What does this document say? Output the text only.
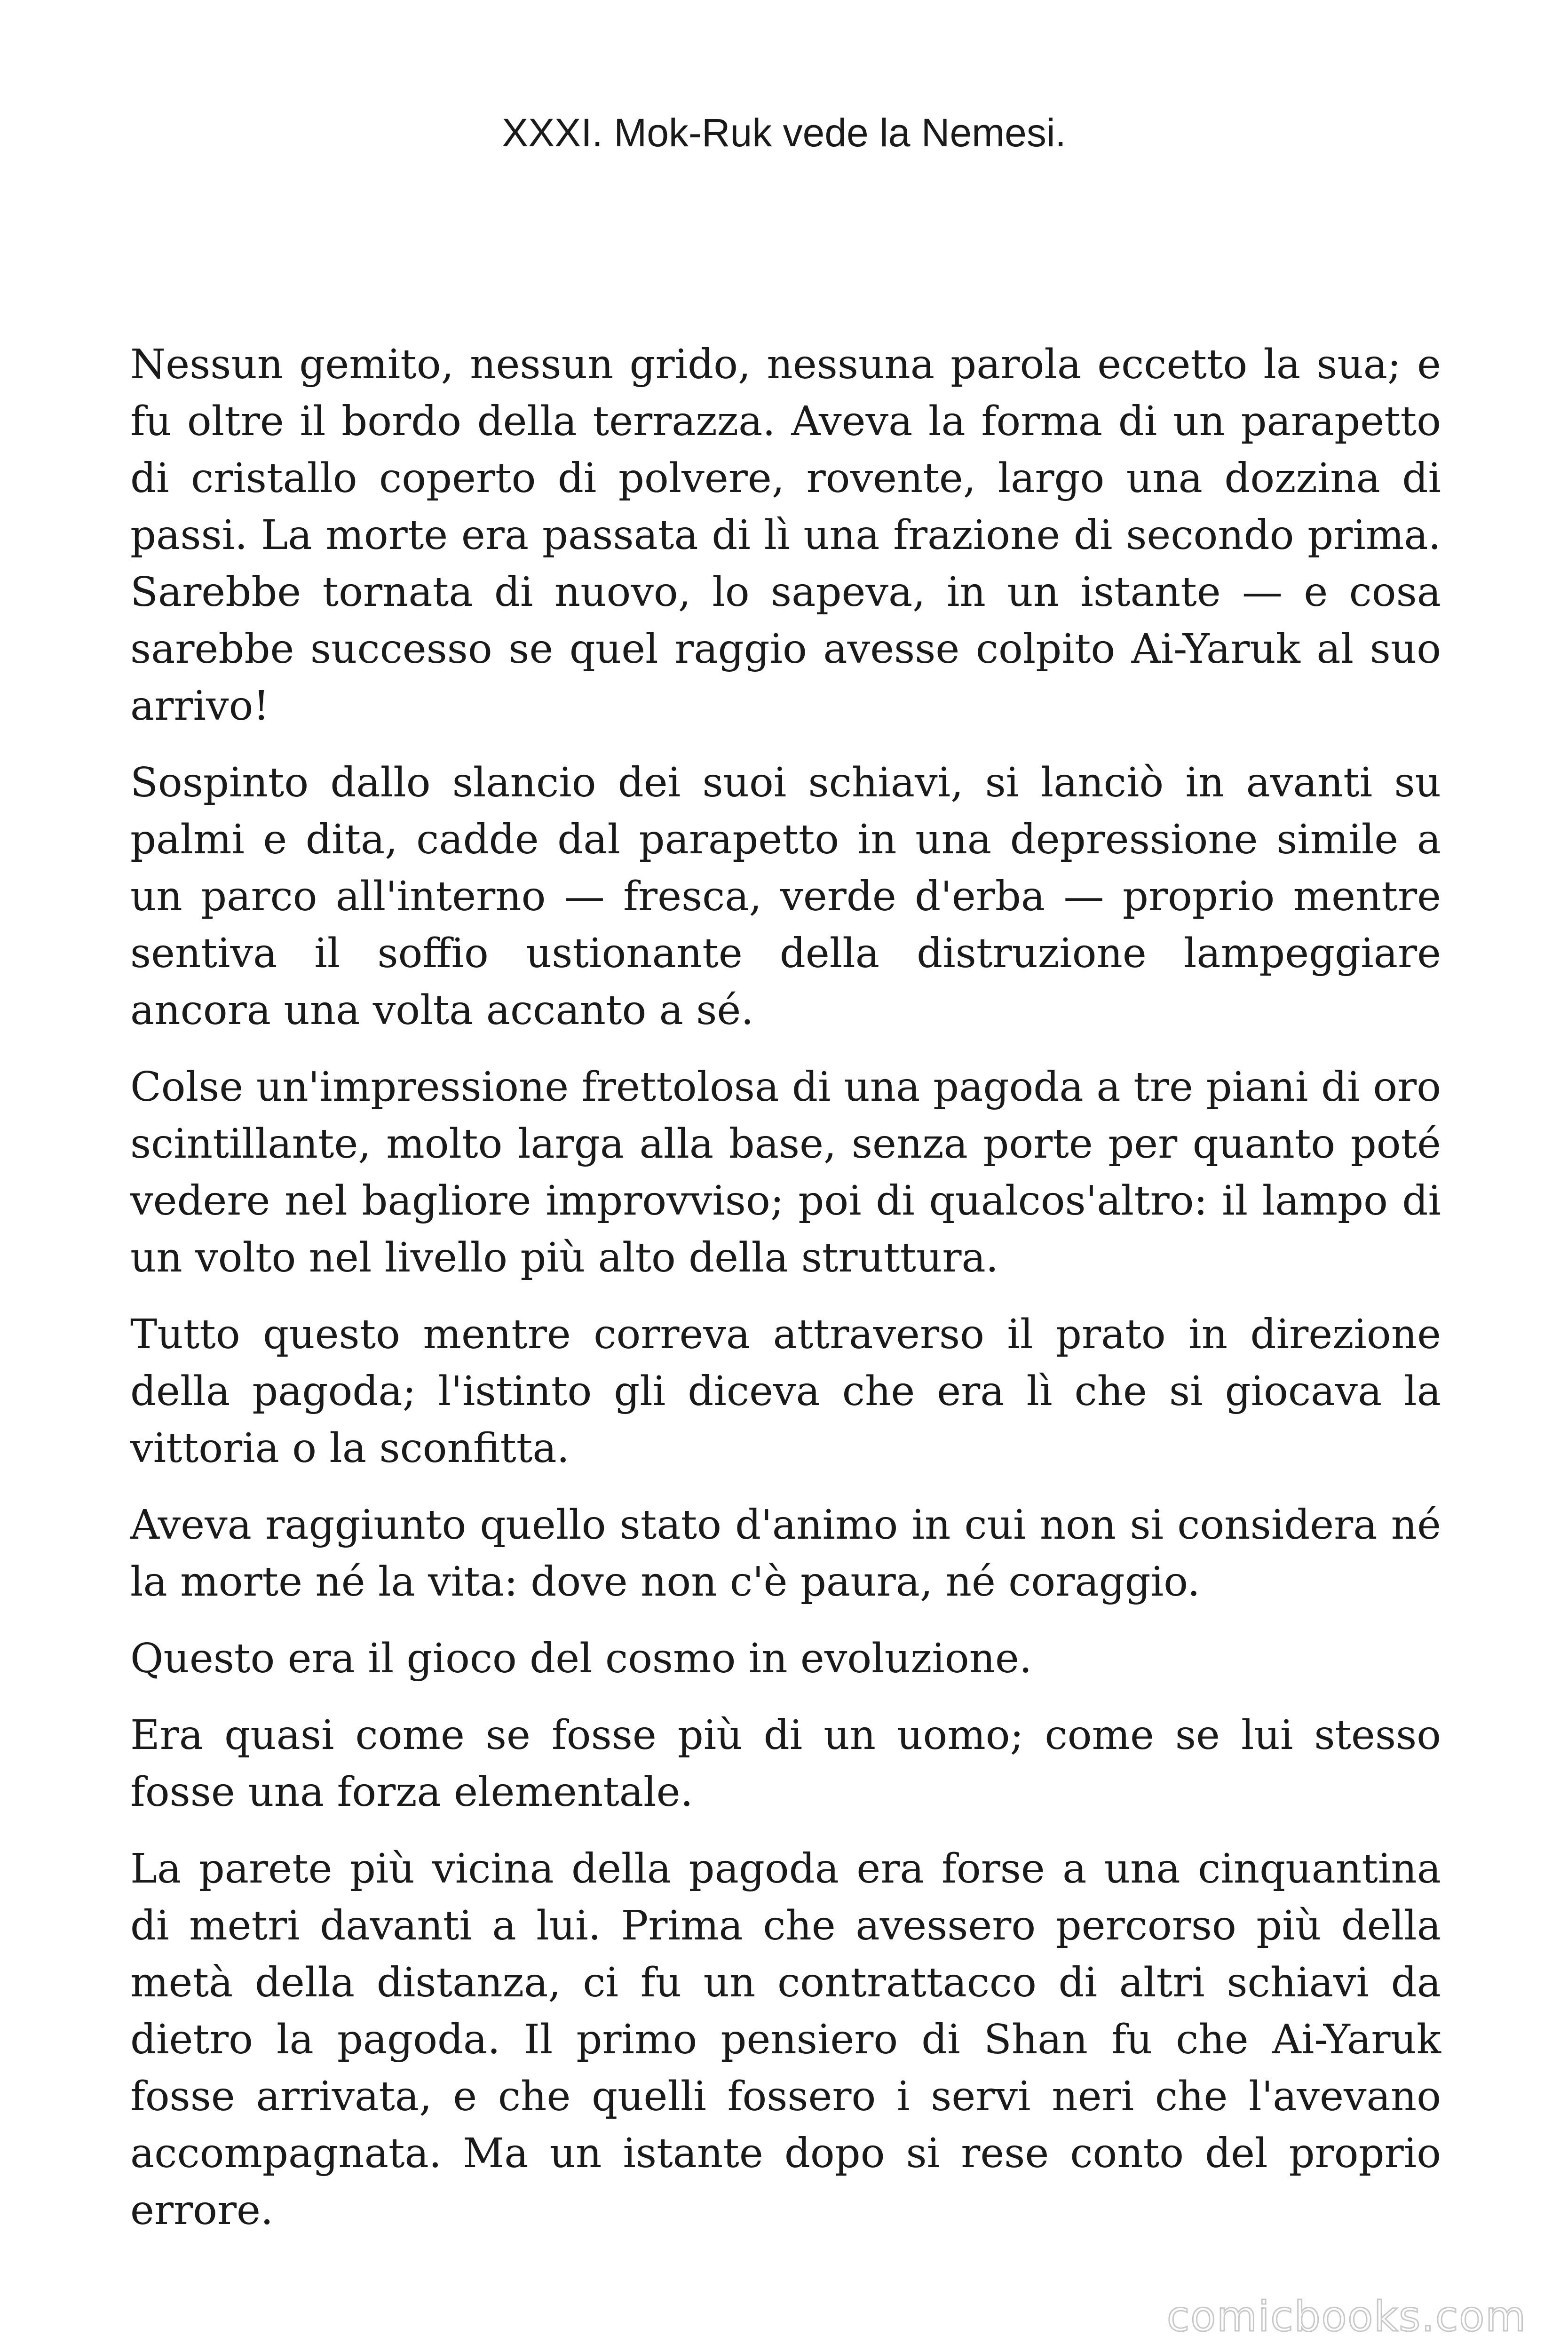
XXXI. Mok-Ruk vede la Nemesi.

Nessun gemito, nessun grido, nessuna parola eccetto la sua; e fu oltre il bordo della terrazza. Aveva la forma di un parapetto di cristallo coperto di polvere, rovente, largo una dozzina di passi. La morte era passata di lì una frazione di secondo prima. Sarebbe tornata di nuovo, lo sapeva, in un istante — e cosa sarebbe successo se quel raggio avesse colpito Ai-Yaruk al suo arrivo!

Sospinto dallo slancio dei suoi schiavi, si lanciò in avanti su palmi e dita, cadde dal parapetto in una depressione simile a un parco all'interno — fresca, verde d'erba — proprio mentre sentiva il soffio ustionante della distruzione lampeggiare ancora una volta accanto a sé.

Colse un'impressione frettolosa di una pagoda a tre piani di oro scintillante, molto larga alla base, senza porte per quanto poté vedere nel bagliore improvviso; poi di qualcos'altro: il lampo di un volto nel livello più alto della struttura.

Tutto questo mentre correva attraverso il prato in direzione della pagoda; l'istinto gli diceva che era lì che si giocava la vittoria o la sconfitta.

Aveva raggiunto quello stato d'animo in cui non si considera né la morte né la vita: dove non c'è paura, né coraggio.

Questo era il gioco del cosmo in evoluzione.

Era quasi come se fosse più di un uomo; come se lui stesso fosse una forza elementale.

La parete più vicina della pagoda era forse a una cinquantina di metri davanti a lui. Prima che avessero percorso più della metà della distanza, ci fu un contrattacco di altri schiavi da dietro la pagoda. Il primo pensiero di Shan fu che Ai-Yaruk fosse arrivata, e che quelli fossero i servi neri che l'avevano accompagnata. Ma un istante dopo si rese conto del proprio errore.

comicbooks.com
